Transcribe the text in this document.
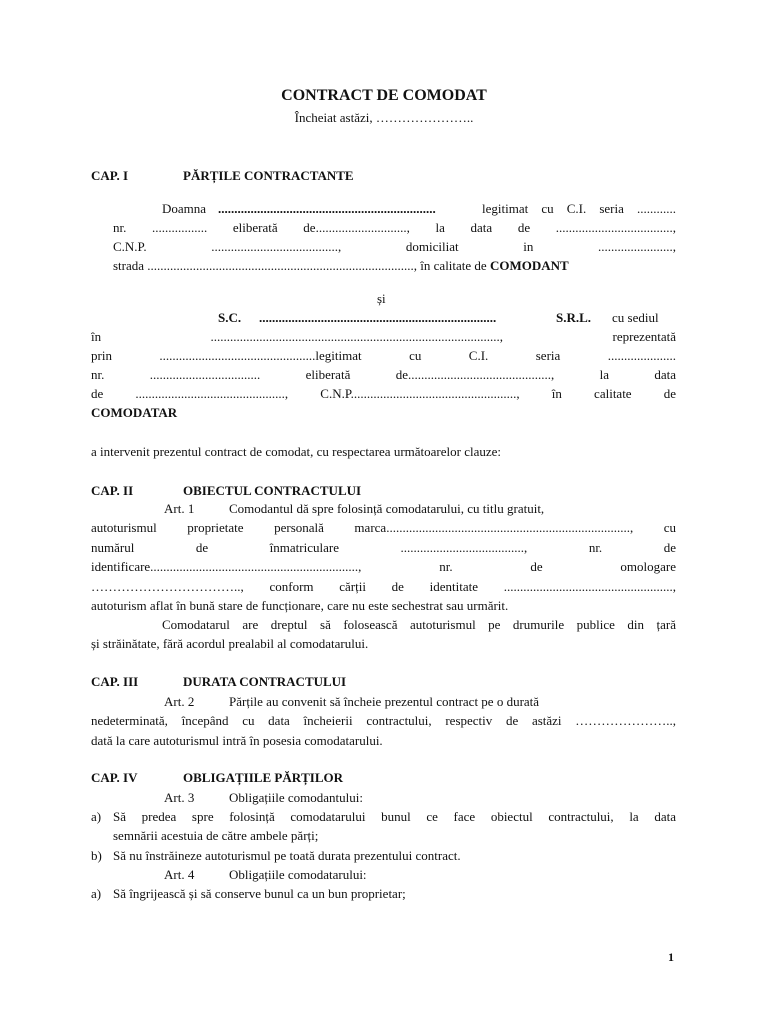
CONTRACT DE COMODAT
Încheiat astăzi, …………………..
CAP. I	PĂRȚILE CONTRACTANTE
Doamna ...................................................................	legitimat cu C.I. seria ............
nr. ................. eliberată de............................, la data de ....................................,
C.N.P. ......................................., domiciliat in .......................,
strada .................................................................................., în calitate de COMODANT
și
S.C. .........................................................................	S.R.L. cu sediul
în ........................................................................................., reprezentată
prin ................................................legitimat cu C.I. seria .....................
nr. .................................. eliberată de............................................, la data
de .............................................., C.N.P..................................................., în calitate de
COMODATAR
a intervenit prezentul contract de comodat, cu respectarea următoarelor clauze:
CAP. II	OBIECTUL CONTRACTULUI
Art. 1	Comodantul dă spre folosință comodatarului, cu titlu gratuit,
autoturismul proprietate personală marca..........................................................................., cu
numărul de înmatriculare ......................................, nr. de
identificare................................................................, nr. de omologare
…………………………….., conform cărții de identitate ....................................................,
autoturism aflat în bună stare de funcționare, care nu este sechestrat sau urmărit.
Comodatarul are dreptul să folosească autoturismul pe drumurile publice din țară
și străinătate, fără acordul prealabil al comodatarului.
CAP. III	DURATA CONTRACTULUI
Art. 2	Părțile au convenit să încheie prezentul contract pe o durată
nedeterminată, începând cu data încheierii contractului, respectiv de astăzi …………………..,
dată la care autoturismul intră în posesia comodatarului.
CAP. IV	OBLIGAȚIILE PĂRȚILOR
Art. 3	Obligațiile comodantului:
a) Să predea spre folosință comodatarului bunul ce face obiectul contractului, la data
semnării acestuia de către ambele părți;
b) Să nu înstrăineze autoturismul pe toată durata prezentului contract.
Art. 4	Obligațiile comodatarului:
a) Să îngrijească și să conserve bunul ca un bun proprietar;
1
